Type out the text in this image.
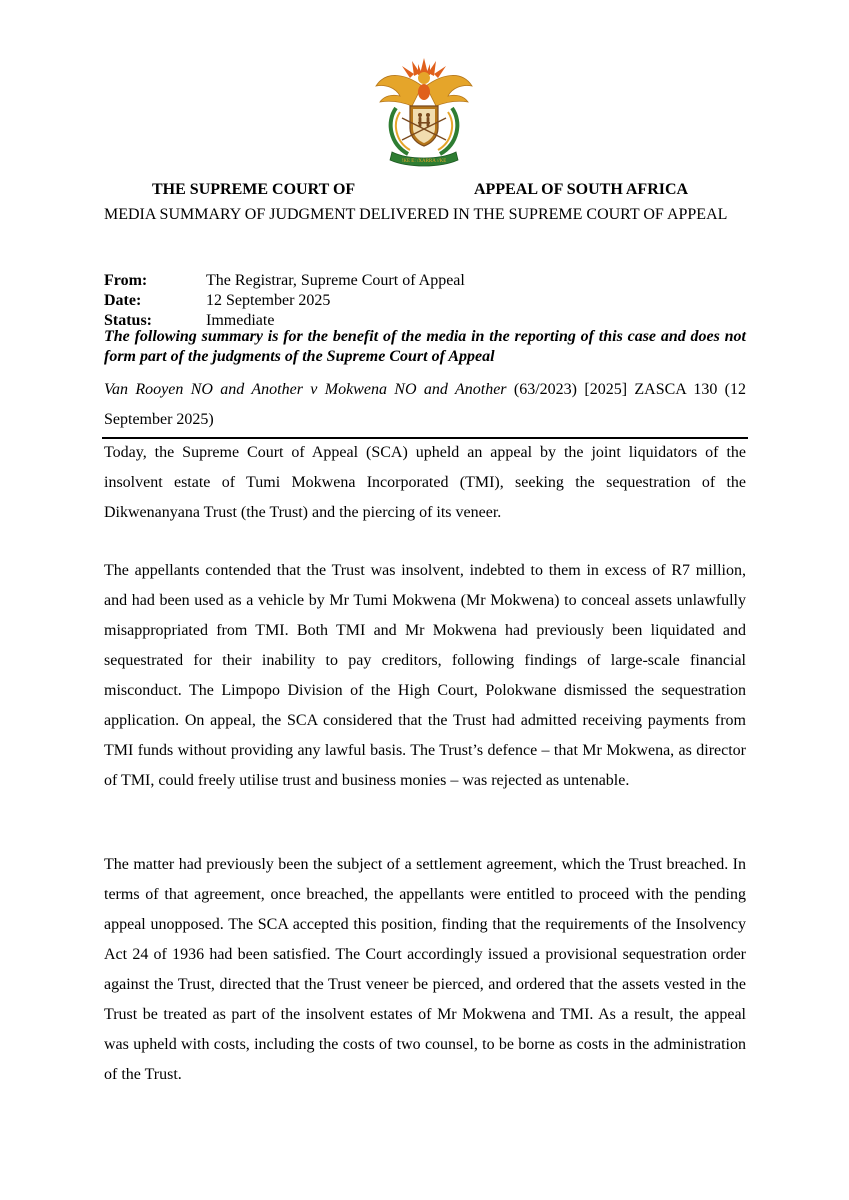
!KE E: /XARRA //KE
THE SUPREME COURT OF	APPEAL OF SOUTH AFRICA
MEDIA SUMMARY OF JUDGMENT DELIVERED IN THE SUPREME COURT OF APPEAL
From:	The Registrar, Supreme Court of Appeal
Date:	12 September 2025
Status:	Immediate
The following summary is for the benefit of the media in the reporting of this case and does not form part of the judgments of the Supreme Court of Appeal
Van Rooyen NO and Another v Mokwena NO and Another (63/2023) [2025] ZASCA 130 (12 September 2025)

Today, the Supreme Court of Appeal (SCA) upheld an appeal by the joint liquidators of the insolvent estate of Tumi Mokwena Incorporated (TMI), seeking the sequestration of the Dikwenanyana Trust (the Trust) and the piercing of its veneer.

The appellants contended that the Trust was insolvent, indebted to them in excess of R7 million, and had been used as a vehicle by Mr Tumi Mokwena (Mr Mokwena) to conceal assets unlawfully misappropriated from TMI. Both TMI and Mr Mokwena had previously been liquidated and sequestrated for their inability to pay creditors, following findings of large-scale financial misconduct. The Limpopo Division of the High Court, Polokwane dismissed the sequestration application. On appeal, the SCA considered that the Trust had admitted receiving payments from TMI funds without providing any lawful basis. The Trust’s defence – that Mr Mokwena, as director of TMI, could freely utilise trust and business monies – was rejected as untenable.

The matter had previously been the subject of a settlement agreement, which the Trust breached. In terms of that agreement, once breached, the appellants were entitled to proceed with the pending appeal unopposed. The SCA accepted this position, finding that the requirements of the Insolvency Act 24 of 1936 had been satisfied. The Court accordingly issued a provisional sequestration order against the Trust, directed that the Trust veneer be pierced, and ordered that the assets vested in the Trust be treated as part of the insolvent estates of Mr Mokwena and TMI. As a result, the appeal was upheld with costs, including the costs of two counsel, to be borne as costs in the administration of the Trust.
